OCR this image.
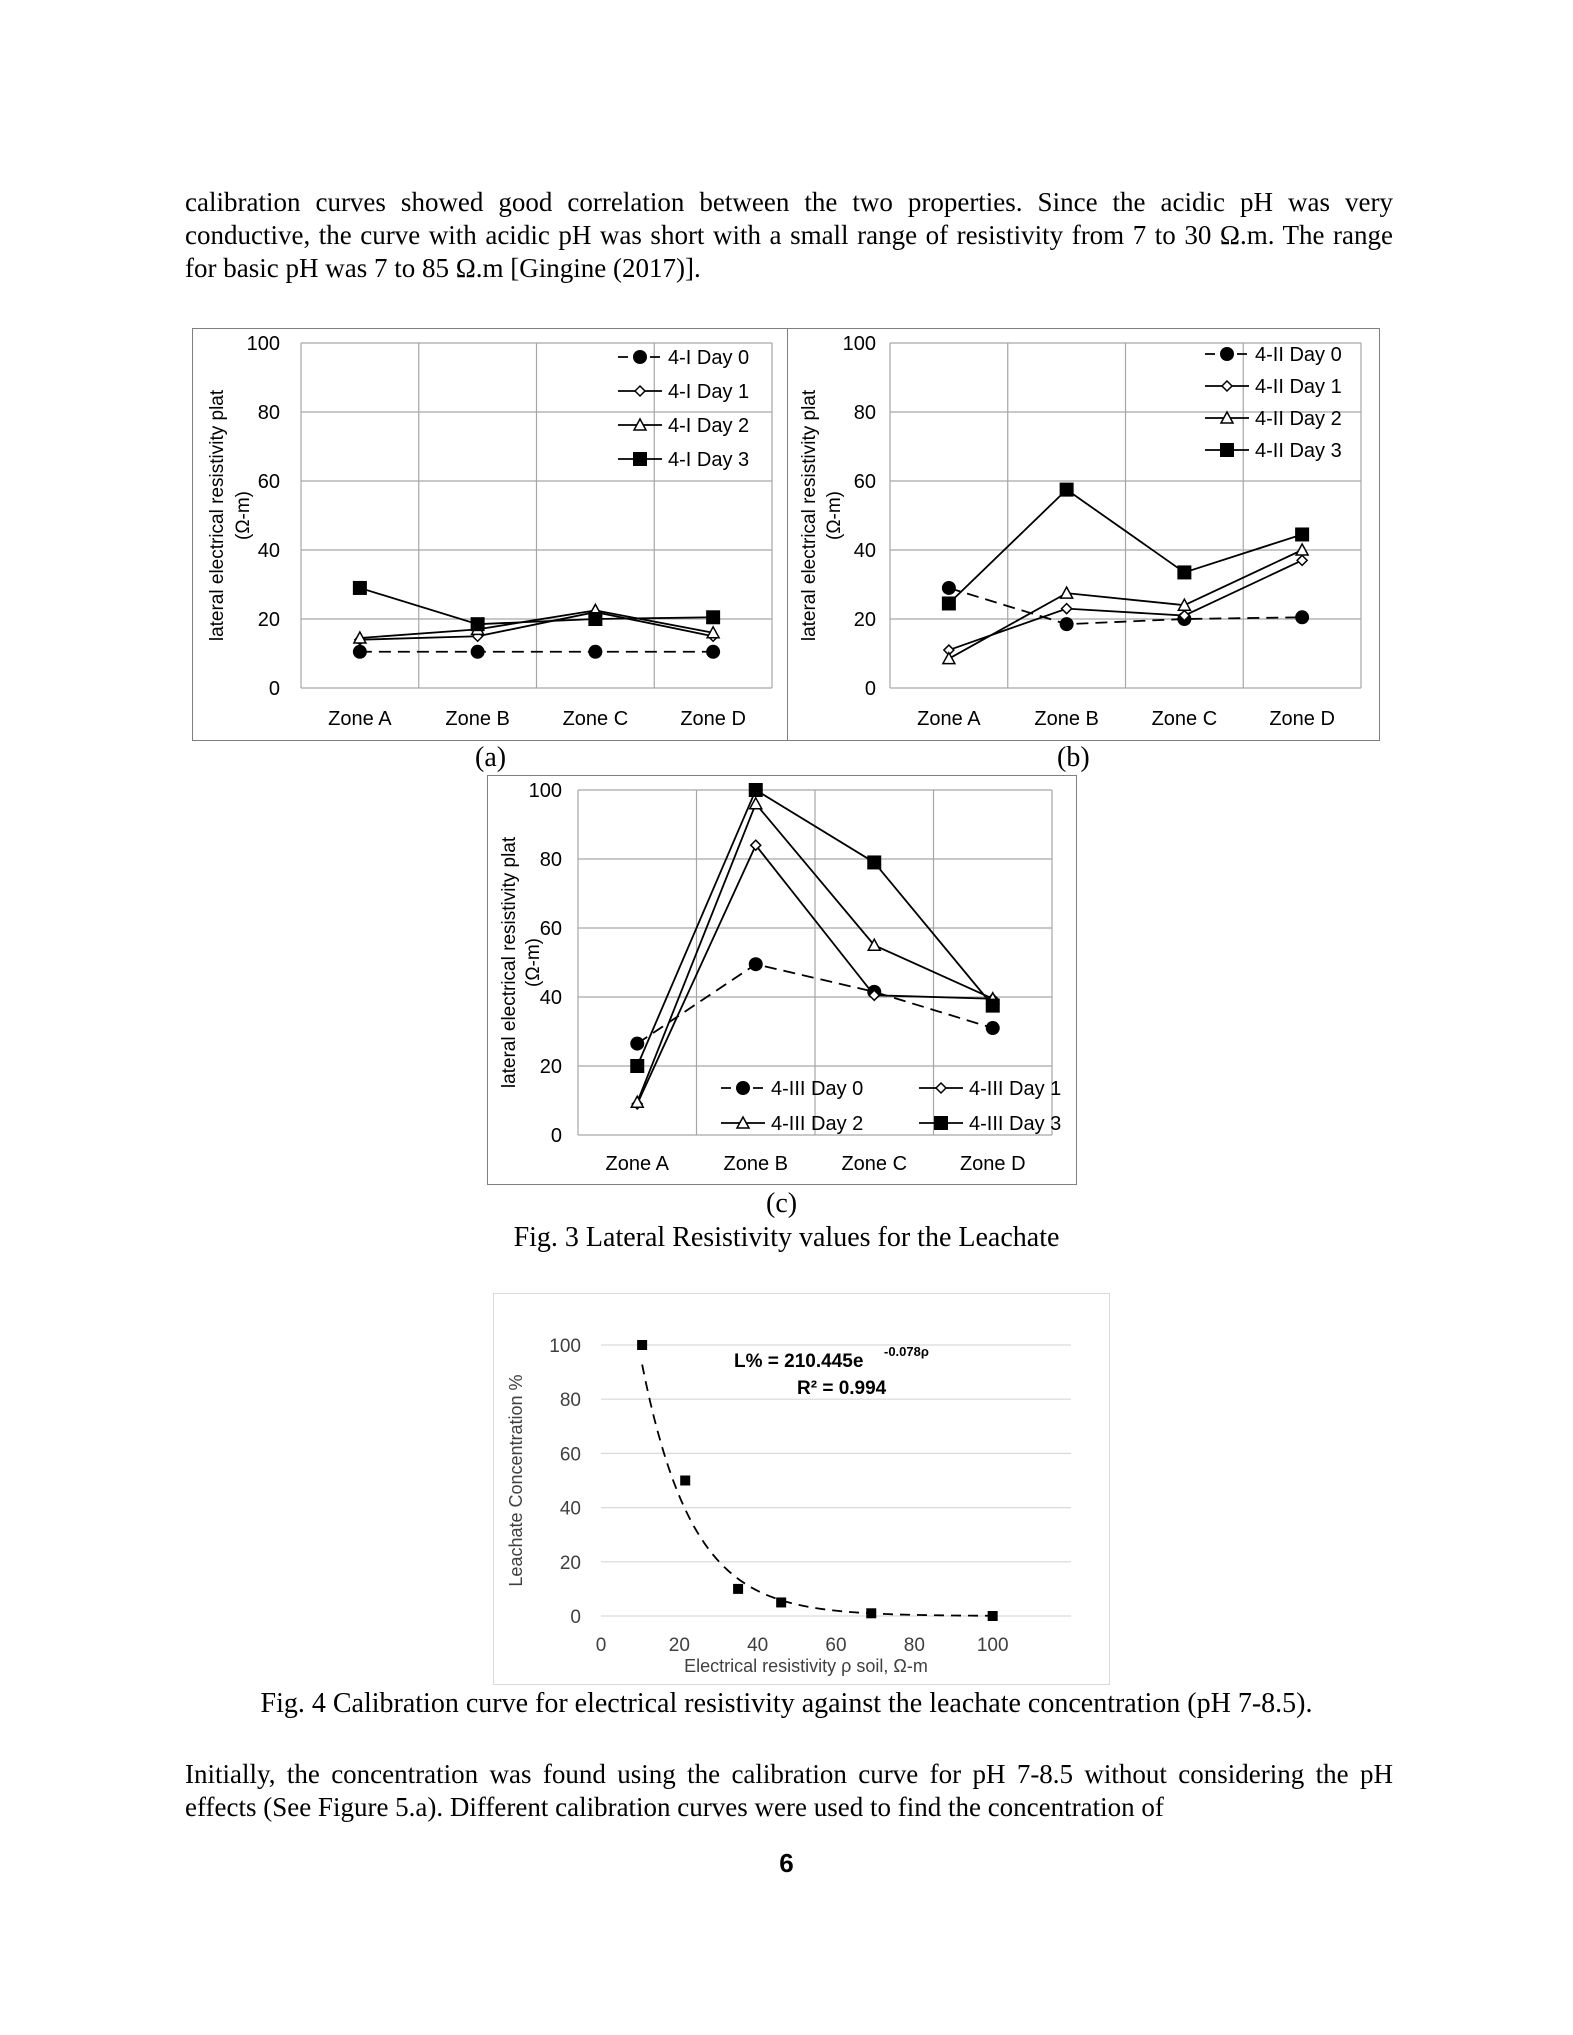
calibration curves showed good correlation between the two properties. Since the acidic pH was very conductive, the curve with acidic pH was short with a small range of resistivity from 7 to 30 Ω.m. The range for basic pH was 7 to 85 Ω.m [Gingine (2017)].

0
20
40
60
80
100
Zone A	Zone B	Zone C	Zone D
lateral electrical resistivity plat (Ω-m)
4-I Day 0
4-I Day 1
4-I Day 2
4-I Day 3
0
20
40
60
80
100
Zone A	Zone B	Zone C	Zone D
lateral electrical resistivity plat (Ω-m)
4-II Day 0
4-II Day 1
4-II Day 2
4-II Day 3
(a)	(b)
0
20
40
60
80
100
Zone A	Zone B	Zone C	Zone D
lateral electrical resistivity plat (Ω-m)
4-III Day 0	4-III Day 1
4-III Day 2	4-III Day 3
(c)

Fig. 3 Lateral Resistivity values for the Leachate

0
20
40
60
80
100
0	20	40	60	80	100
Electrical resistivity ρ soil, Ω-m
Leachate Concentration %
L% = 210.445e -0.078ρ
R² = 0.994

Fig. 4 Calibration curve for electrical resistivity against the leachate concentration (pH 7-8.5).

Initially, the concentration was found using the calibration curve for pH 7-8.5 without considering the pH effects (See Figure 5.a). Different calibration curves were used to find the concentration of

6
